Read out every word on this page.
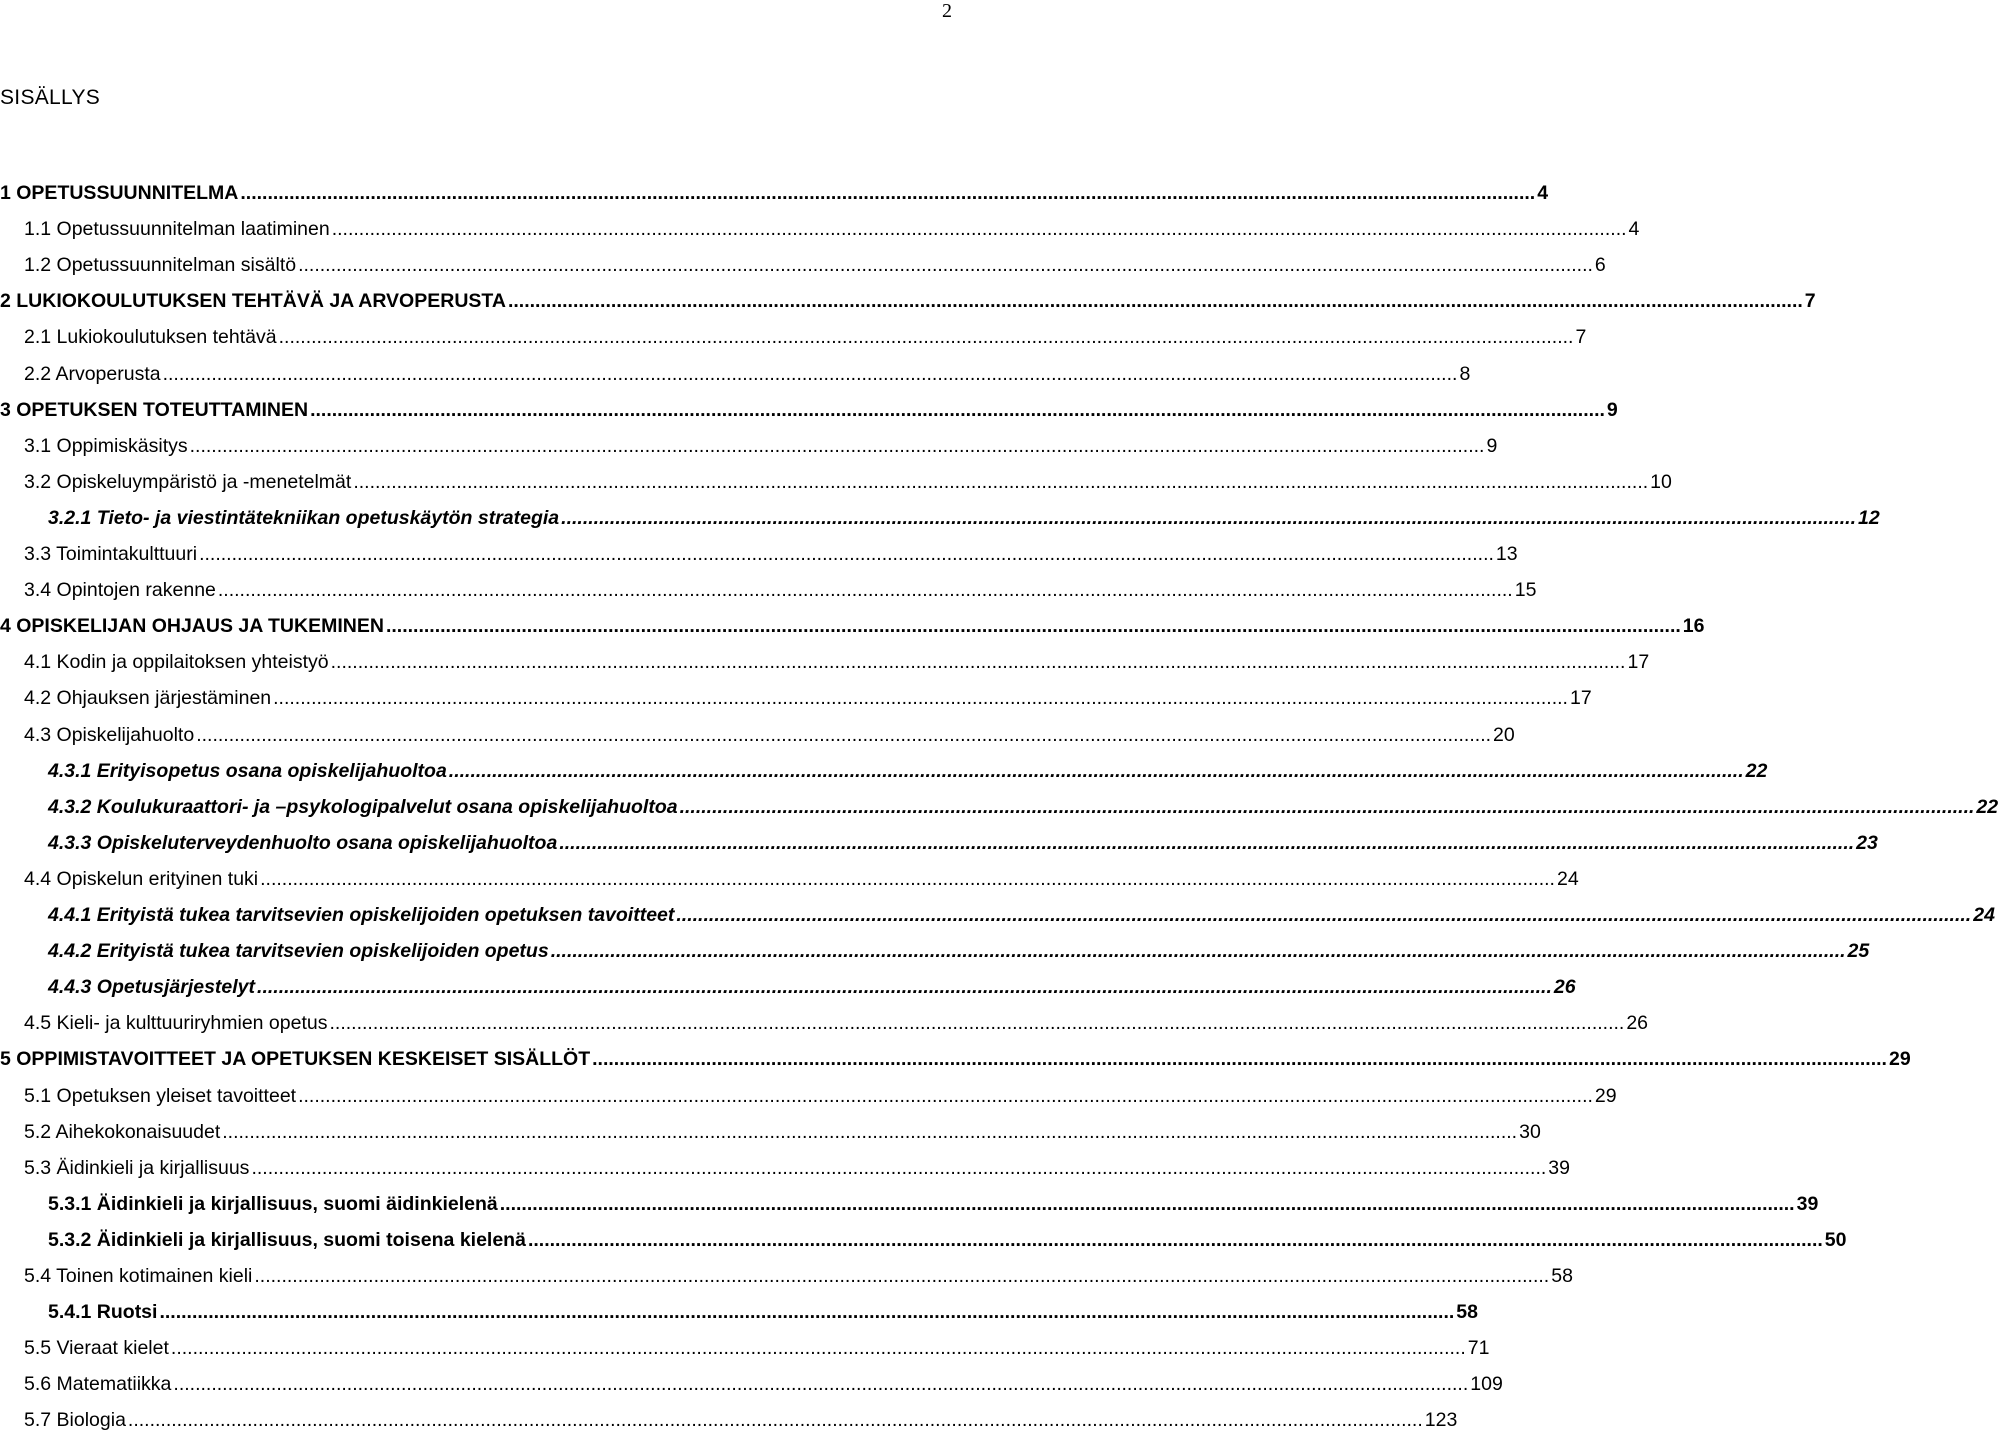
2
SISÄLLYS
1 OPETUSSUUNNITELMA .....	4
1.1 Opetussuunnitelman laatiminen .....	4
1.2 Opetussuunnitelman sisältö .....	6
2 LUKIOKOULUTUKSEN TEHTÄVÄ JA ARVOPERUSTA .....	7
2.1 Lukiokoulutuksen tehtävä .....	7
2.2 Arvoperusta .....	8
3 OPETUKSEN TOTEUTTAMINEN .....	9
3.1 Oppimiskäsitys .....	9
3.2 Opiskeluympäristö ja -menetelmät .....	10
3.2.1 Tieto- ja viestintätekniikan opetuskäytön strategia .....	12
3.3 Toimintakulttuuri .....	13
3.4 Opintojen rakenne .....	15
4 OPISKELIJAN OHJAUS JA TUKEMINEN .....	16
4.1 Kodin ja oppilaitoksen yhteistyö .....	17
4.2 Ohjauksen järjestäminen .....	17
4.3 Opiskelijahuolto .....	20
4.3.1 Erityisopetus osana opiskelijahuoltoa .....	22
4.3.2 Koulukuraattori- ja –psykologipalvelut osana opiskelijahuoltoa .....	22
4.3.3 Opiskeluterveydenhuolto osana opiskelijahuoltoa .....	23
4.4 Opiskelun erityinen tuki .....	24
4.4.1 Erityistä tukea tarvitsevien opiskelijoiden opetuksen tavoitteet .....	24
4.4.2 Erityistä tukea tarvitsevien opiskelijoiden opetus .....	25
4.4.3 Opetusjärjestelyt .....	26
4.5 Kieli- ja kulttuuriryhmien opetus .....	26
5 OPPIMISTAVOITTEET JA OPETUKSEN KESKEISET SISÄLLÖT .....	29
5.1 Opetuksen yleiset tavoitteet .....	29
5.2 Aihekokonaisuudet .....	30
5.3 Äidinkieli ja kirjallisuus .....	39
5.3.1 Äidinkieli ja kirjallisuus, suomi äidinkielenä .....	39
5.3.2 Äidinkieli ja kirjallisuus, suomi toisena kielenä .....	50
5.4 Toinen kotimainen kieli .....	58
5.4.1 Ruotsi .....	58
5.5 Vieraat kielet .....	71
5.6 Matematiikka .....	109
5.7 Biologia .....	123
